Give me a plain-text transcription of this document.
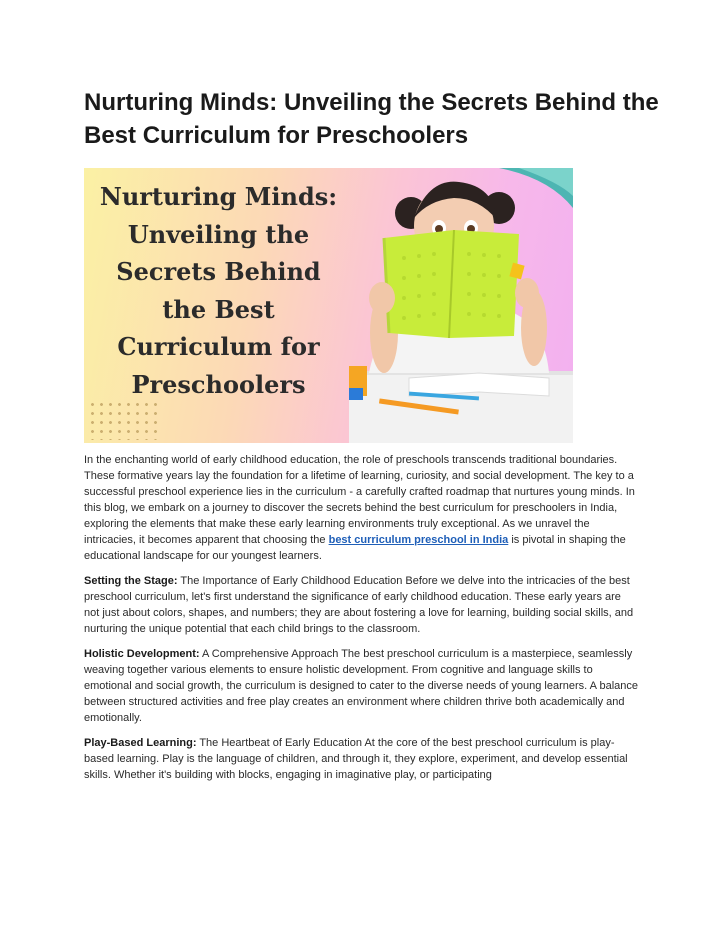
Nurturing Minds: Unveiling the Secrets Behind the Best Curriculum for Preschoolers
Nurturing Minds:
Unveiling the
Secrets Behind
the Best
Curriculum for
Preschoolers

In the enchanting world of early childhood education, the role of preschools transcends traditional boundaries. These formative years lay the foundation for a lifetime of learning, curiosity, and social development. The key to a successful preschool experience lies in the curriculum - a carefully crafted roadmap that nurtures young minds. In this blog, we embark on a journey to discover the secrets behind the best curriculum for preschoolers in India, exploring the elements that make these early learning environments truly exceptional. As we unravel the intricacies, it becomes apparent that choosing the best curriculum preschool in India is pivotal in shaping the educational landscape for our youngest learners.

Setting the Stage: The Importance of Early Childhood Education Before we delve into the intricacies of the best preschool curriculum, let's first understand the significance of early childhood education. These early years are not just about colors, shapes, and numbers; they are about fostering a love for learning, building social skills, and nurturing the unique potential that each child brings to the classroom.

Holistic Development: A Comprehensive Approach The best preschool curriculum is a masterpiece, seamlessly weaving together various elements to ensure holistic development. From cognitive and language skills to emotional and social growth, the curriculum is designed to cater to the diverse needs of young learners. A balance between structured activities and free play creates an environment where children thrive both academically and emotionally.

Play-Based Learning: The Heartbeat of Early Education At the core of the best preschool curriculum is play-based learning. Play is the language of children, and through it, they explore, experiment, and develop essential skills. Whether it's building with blocks, engaging in imaginative play, or participating
